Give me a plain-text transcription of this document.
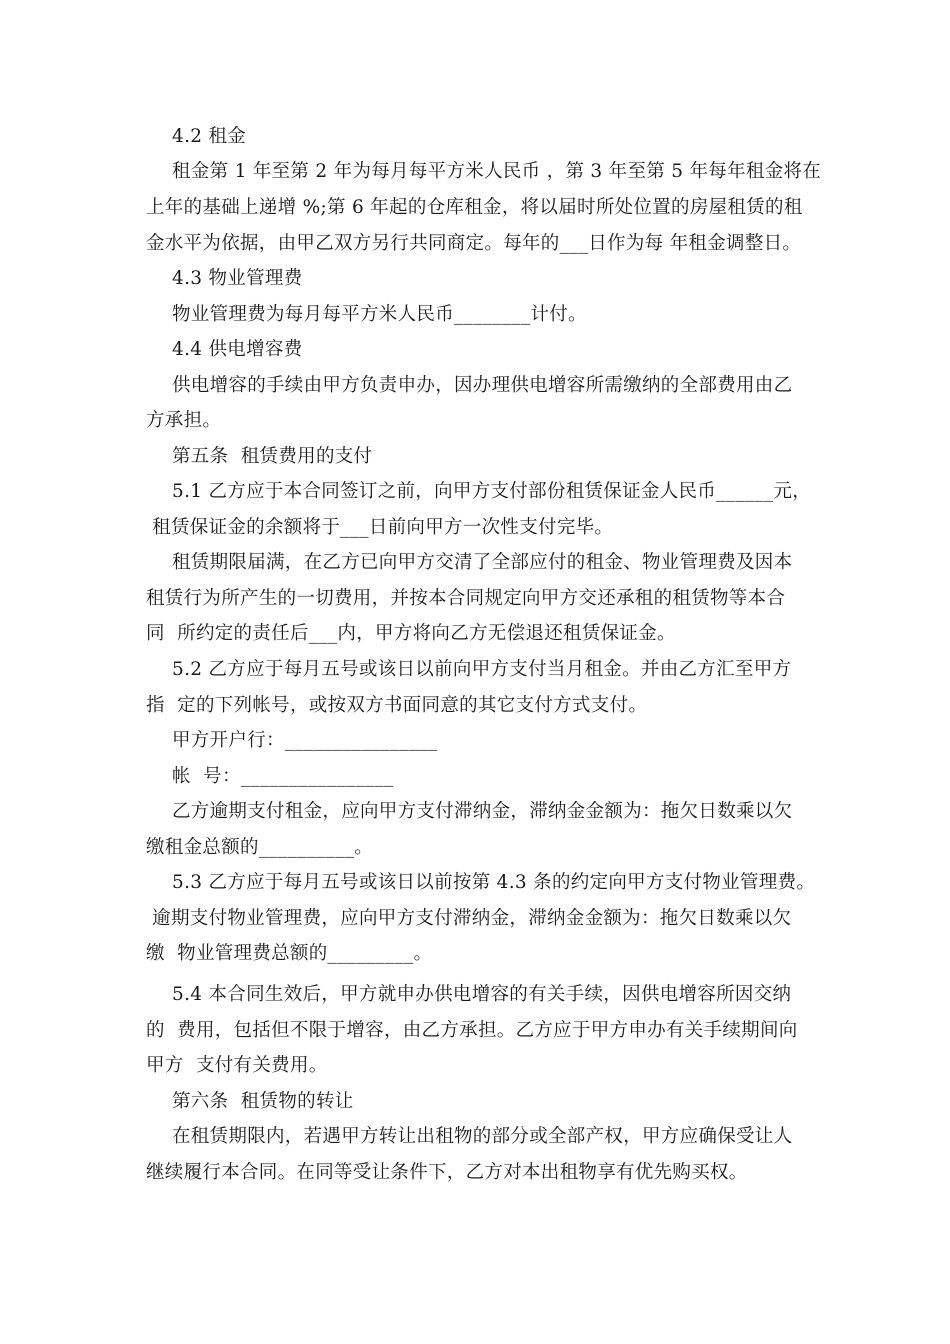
4.2 租金
租金第 1 年至第 2 年为每月每平方米人民币 ，第 3 年至第 5 年每年租金将在
上年的基础上递增 %;第 6 年起的仓库租金，将以届时所处位置的房屋租赁的租
金水平为依据，由甲乙双方另行共同商定。每年的___日作为每 年租金调整日。
4.3 物业管理费
物业管理费为每月每平方米人民币________计付。
4.4 供电增容费
供电增容的手续由甲方负责申办，因办理供电增容所需缴纳的全部费用由乙
方承担。
第五条  租赁费用的支付
5.1 乙方应于本合同签订之前，向甲方支付部份租赁保证金人民币______元，
租赁保证金的余额将于___日前向甲方一次性支付完毕。
租赁期限届满，在乙方已向甲方交清了全部应付的租金、物业管理费及因本
租赁行为所产生的一切费用，并按本合同规定向甲方交还承租的租赁物等本合
同  所约定的责任后___内，甲方将向乙方无偿退还租赁保证金。
5.2 乙方应于每月五号或该日以前向甲方支付当月租金。并由乙方汇至甲方
指  定的下列帐号，或按双方书面同意的其它支付方式支付。
甲方开户行：________________
帐  号：________________
乙方逾期支付租金，应向甲方支付滞纳金，滞纳金金额为：拖欠日数乘以欠
缴租金总额的__________。
5.3 乙方应于每月五号或该日以前按第 4.3 条的约定向甲方支付物业管理费。
逾期支付物业管理费，应向甲方支付滞纳金，滞纳金金额为：拖欠日数乘以欠
缴  物业管理费总额的_________。
5.4 本合同生效后，甲方就申办供电增容的有关手续，因供电增容所因交纳
的  费用，包括但不限于增容，由乙方承担。乙方应于甲方申办有关手续期间向
甲方  支付有关费用。
第六条  租赁物的转让
在租赁期限内，若遇甲方转让出租物的部分或全部产权，甲方应确保受让人
继续履行本合同。在同等受让条件下，乙方对本出租物享有优先购买权。
